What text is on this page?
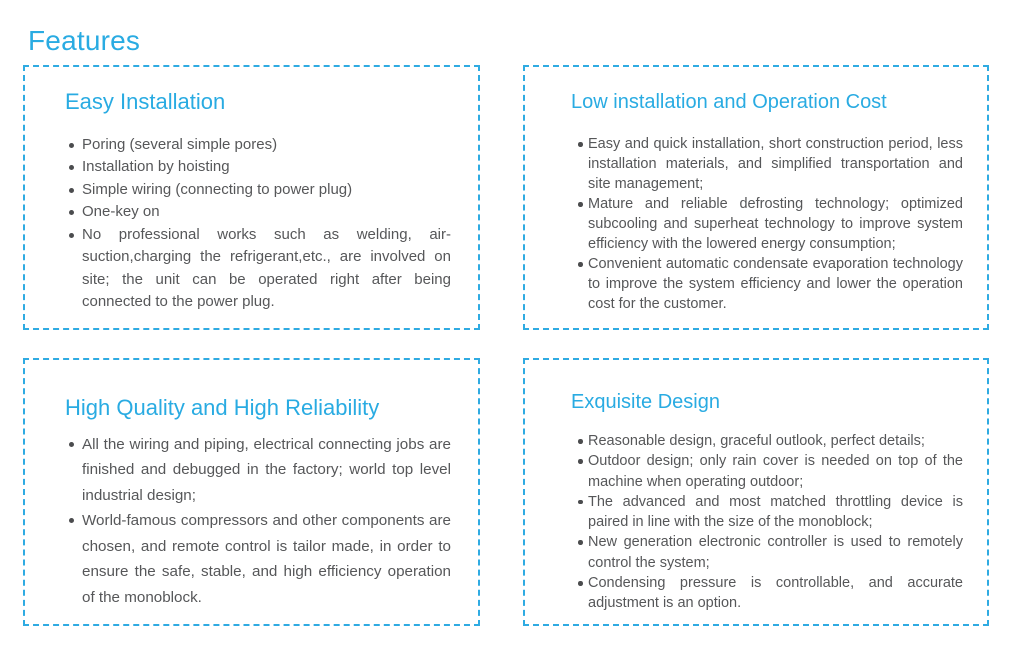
Features
Easy Installation
Poring (several simple pores)
Installation by hoisting
Simple wiring (connecting to power plug)
One-key on
No professional works such as welding, air-suction,charging the refrigerant,etc., are involved on site; the unit can be operated right after being connected to the power plug.
Low installation and Operation Cost
Easy and quick installation, short construction period, less installation materials, and simplified transportation and site management;
Mature and reliable defrosting technology; optimized subcooling and superheat technology to improve system efficiency with the lowered energy consumption;
Convenient automatic condensate evaporation technology to improve the system efficiency and lower the operation cost for the customer.
High Quality and High Reliability
All the wiring and piping, electrical connecting jobs are finished and debugged in the factory; world top level industrial design;
World-famous compressors and other components are chosen, and remote control is tailor made, in order to ensure the safe, stable, and high efficiency operation of the monoblock.
Exquisite Design
Reasonable design, graceful outlook, perfect details;
Outdoor design; only rain cover is needed on top of the machine when operating outdoor;
The advanced and most matched throttling device is paired in line with the size of the monoblock;
New generation electronic controller is used to remotely control the system;
Condensing pressure is controllable, and accurate adjustment is an option.
